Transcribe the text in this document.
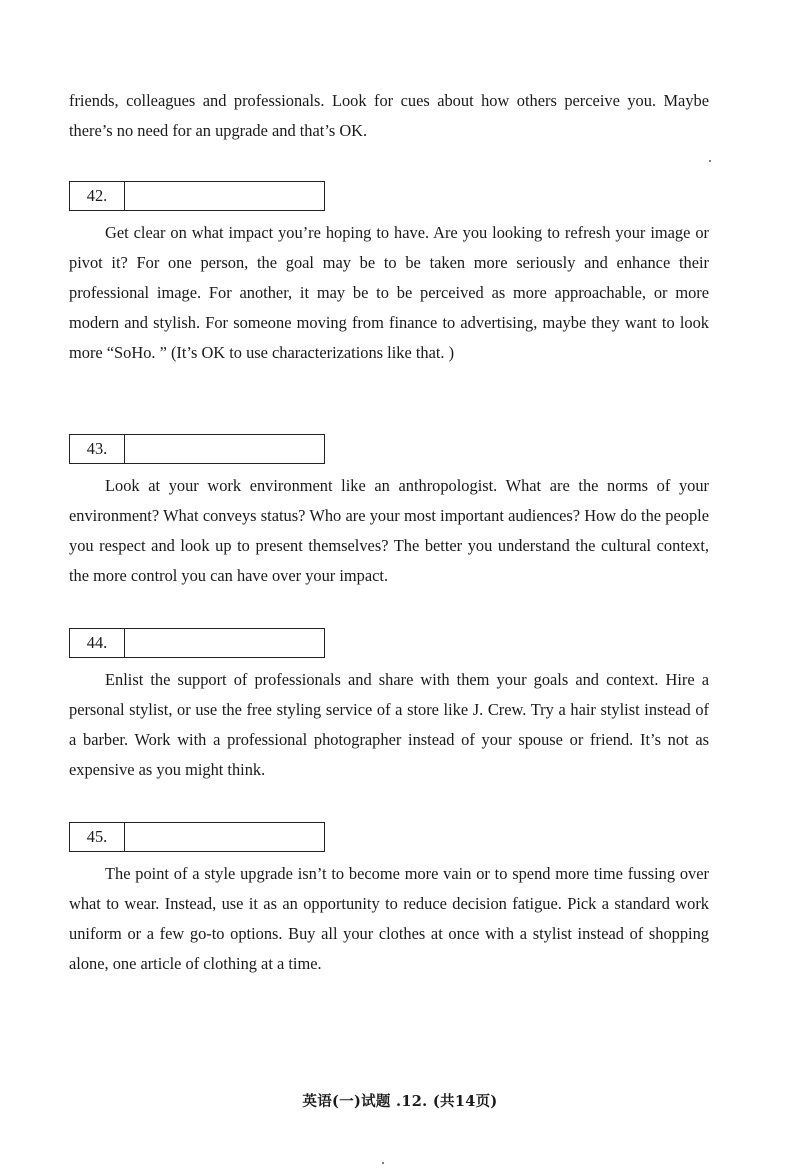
friends, colleagues and professionals. Look for cues about how others perceive you. Maybe there’s no need for an upgrade and that’s OK.

42.

Get clear on what impact you’re hoping to have. Are you looking to refresh your image or pivot it? For one person, the goal may be to be taken more seriously and enhance their professional image. For another, it may be to be perceived as more approachable, or more modern and stylish. For someone moving from finance to advertising, maybe they want to look more “SoHo. ” (It’s OK to use characterizations like that. )

43.

Look at your work environment like an anthropologist. What are the norms of your environment? What conveys status? Who are your most important audiences? How do the people you respect and look up to present themselves? The better you understand the cultural context, the more control you can have over your impact.

44.

Enlist the support of professionals and share with them your goals and context. Hire a personal stylist, or use the free styling service of a store like J. Crew. Try a hair stylist instead of a barber. Work with a professional photographer instead of your spouse or friend. It’s not as expensive as you might think.

45.

The point of a style upgrade isn’t to become more vain or to spend more time fussing over what to wear. Instead, use it as an opportunity to reduce decision fatigue. Pick a standard work uniform or a few go-to options. Buy all your clothes at once with a stylist instead of shopping alone, one article of clothing at a time.

英语(一)试题 .12. (共14页)
